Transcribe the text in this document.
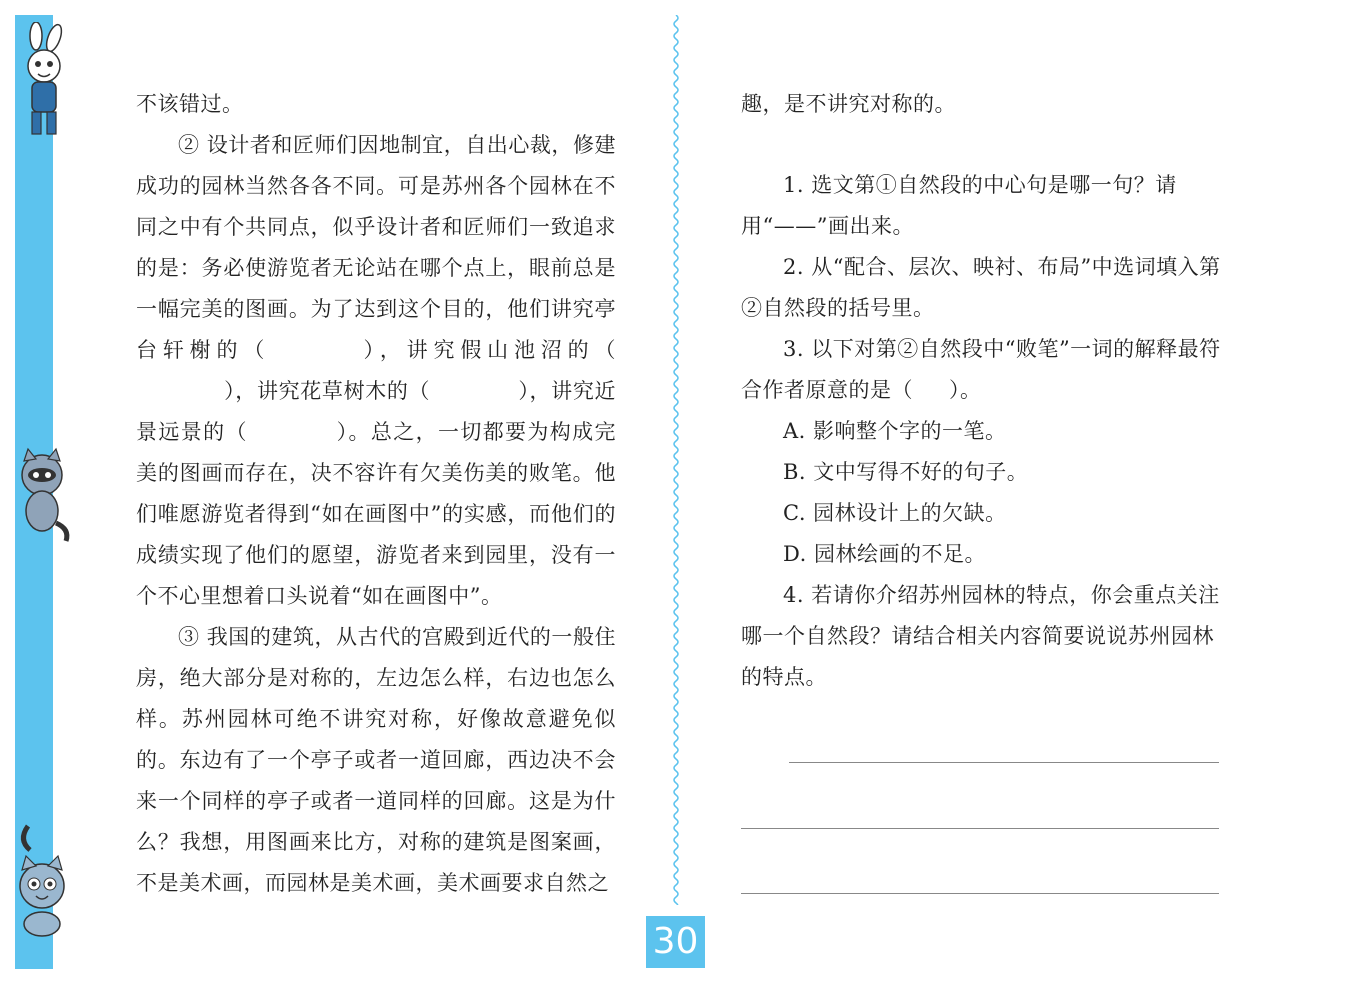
不该错过。

② 设计者和匠师们因地制宜，自出心裁，修建成功的园林当然各各不同。可是苏州各个园林在不同之中有个共同点，似乎设计者和匠师们一致追求的是：务必使游览者无论站在哪个点上，眼前总是一幅完美的图画。为了达到这个目的，他们讲究亭台轩榭的（	），讲究假山池沼的（），讲究花草树木的（	），讲究近景远景的（	）。总之，一切都要为构成完美的图画而存在，决不容许有欠美伤美的败笔。他们唯愿游览者得到“如在画图中”的实感，而他们的成绩实现了他们的愿望，游览者来到园里，没有一个不心里想着口头说着“如在画图中”。

③ 我国的建筑，从古代的宫殿到近代的一般住房，绝大部分是对称的，左边怎么样，右边也怎么样。苏州园林可绝不讲究对称，好像故意避免似的。东边有了一个亭子或者一道回廊，西边决不会来一个同样的亭子或者一道同样的回廊。这是为什么？我想，用图画来比方，对称的建筑是图案画，不是美术画，而园林是美术画，美术画要求自然之

趣，是不讲究对称的。

1. 选文第①自然段的中心句是哪一句？请用“——”画出来。

2. 从“配合、层次、映衬、布局”中选词填入第②自然段的括号里。

3. 以下对第②自然段中“败笔”一词的解释最符合作者原意的是（ ）。

A. 影响整个字的一笔。

B. 文中写得不好的句子。

C. 园林设计上的欠缺。

D. 园林绘画的不足。

4. 若请你介绍苏州园林的特点，你会重点关注哪一个自然段？请结合相关内容简要说说苏州园林的特点。

30
